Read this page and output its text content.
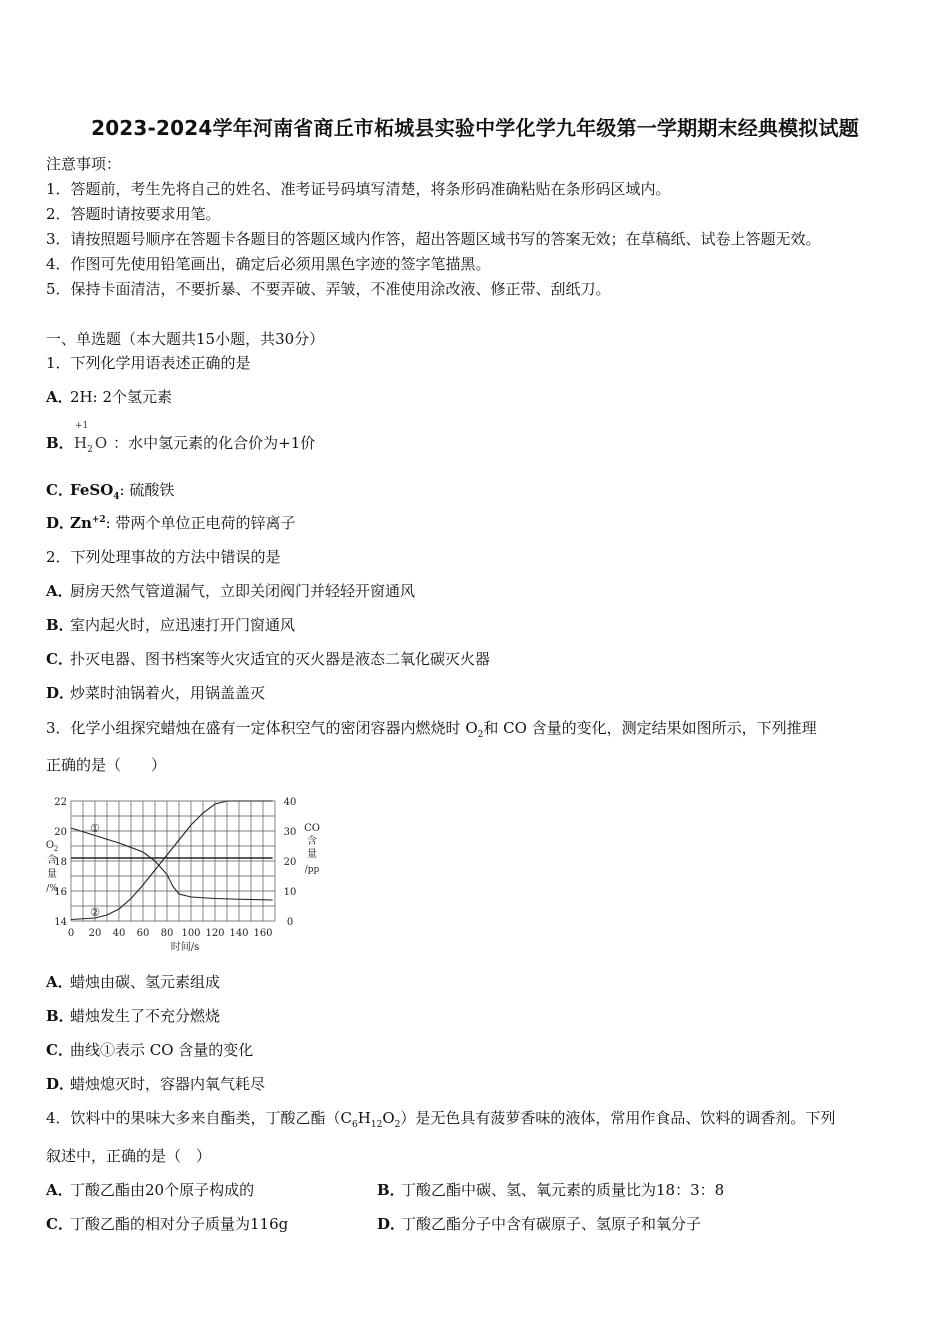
2023-2024学年河南省商丘市柘城县实验中学化学九年级第一学期期末经典模拟试题
注意事项：
1．答题前，考生先将自己的姓名、准考证号码填写清楚，将条形码准确粘贴在条形码区域内。
2．答题时请按要求用笔。
3．请按照题号顺序在答题卡各题目的答题区域内作答，超出答题区域书写的答案无效；在草稿纸、试卷上答题无效。
4．作图可先使用铅笔画出，确定后必须用黑色字迹的签字笔描黑。
5．保持卡面清洁，不要折暴、不要弄破、弄皱，不准使用涂改液、修正带、刮纸刀。
一、单选题（本大题共15小题，共30分）
1．下列化学用语表述正确的是
A．2H: 2个氢元素
B．
+1
$H_2$ O ：水中氢元素的化合价为+1价
C．FeSO$_4$: 硫酸铁
D．$Zn^{+2}$: 带两个单位正电荷的锌离子
2．下列处理事故的方法中错误的是
A．厨房天然气管道漏气，立即关闭阀门并轻轻开窗通风
B．室内起火时，应迅速打开门窗通风
C．扑灭电器、图书档案等火灾适宜的灭火器是液态二氧化碳灭火器
D．炒菜时油锅着火，用锅盖盖灭
3．化学小组探究蜡烛在盛有一定体积空气的密闭容器内燃烧时 $O_2$和 CO 含量的变化，测定结果如图所示，下列推理
正确的是（　　）
0 20 40 60 80 100 120 140 160
时间/s
14
16
18
20
22
0
10
20
30
40
O 2
含
量
/%
CO
含
量
/pp
①
②
A．蜡烛由碳、氢元素组成
B．蜡烛发生了不充分燃烧
C．曲线①表示 CO 含量的变化
D．蜡烛熄灭时，容器内氧气耗尽
4．饮料中的果味大多来自酯类，丁酸乙酯$(C_6H_{12}O_2)$是无色具有菠萝香味的液体，常用作食品、饮料的调香剂。下列
叙述中，正确的是（　）
A．丁酸乙酯由20个原子构成的	B．丁酸乙酯中碳、氢、氧元素的质量比为18：3：8
C．丁酸乙酯的相对分子质量为116g	D．丁酸乙酯分子中含有碳原子、氢原子和氧分子
